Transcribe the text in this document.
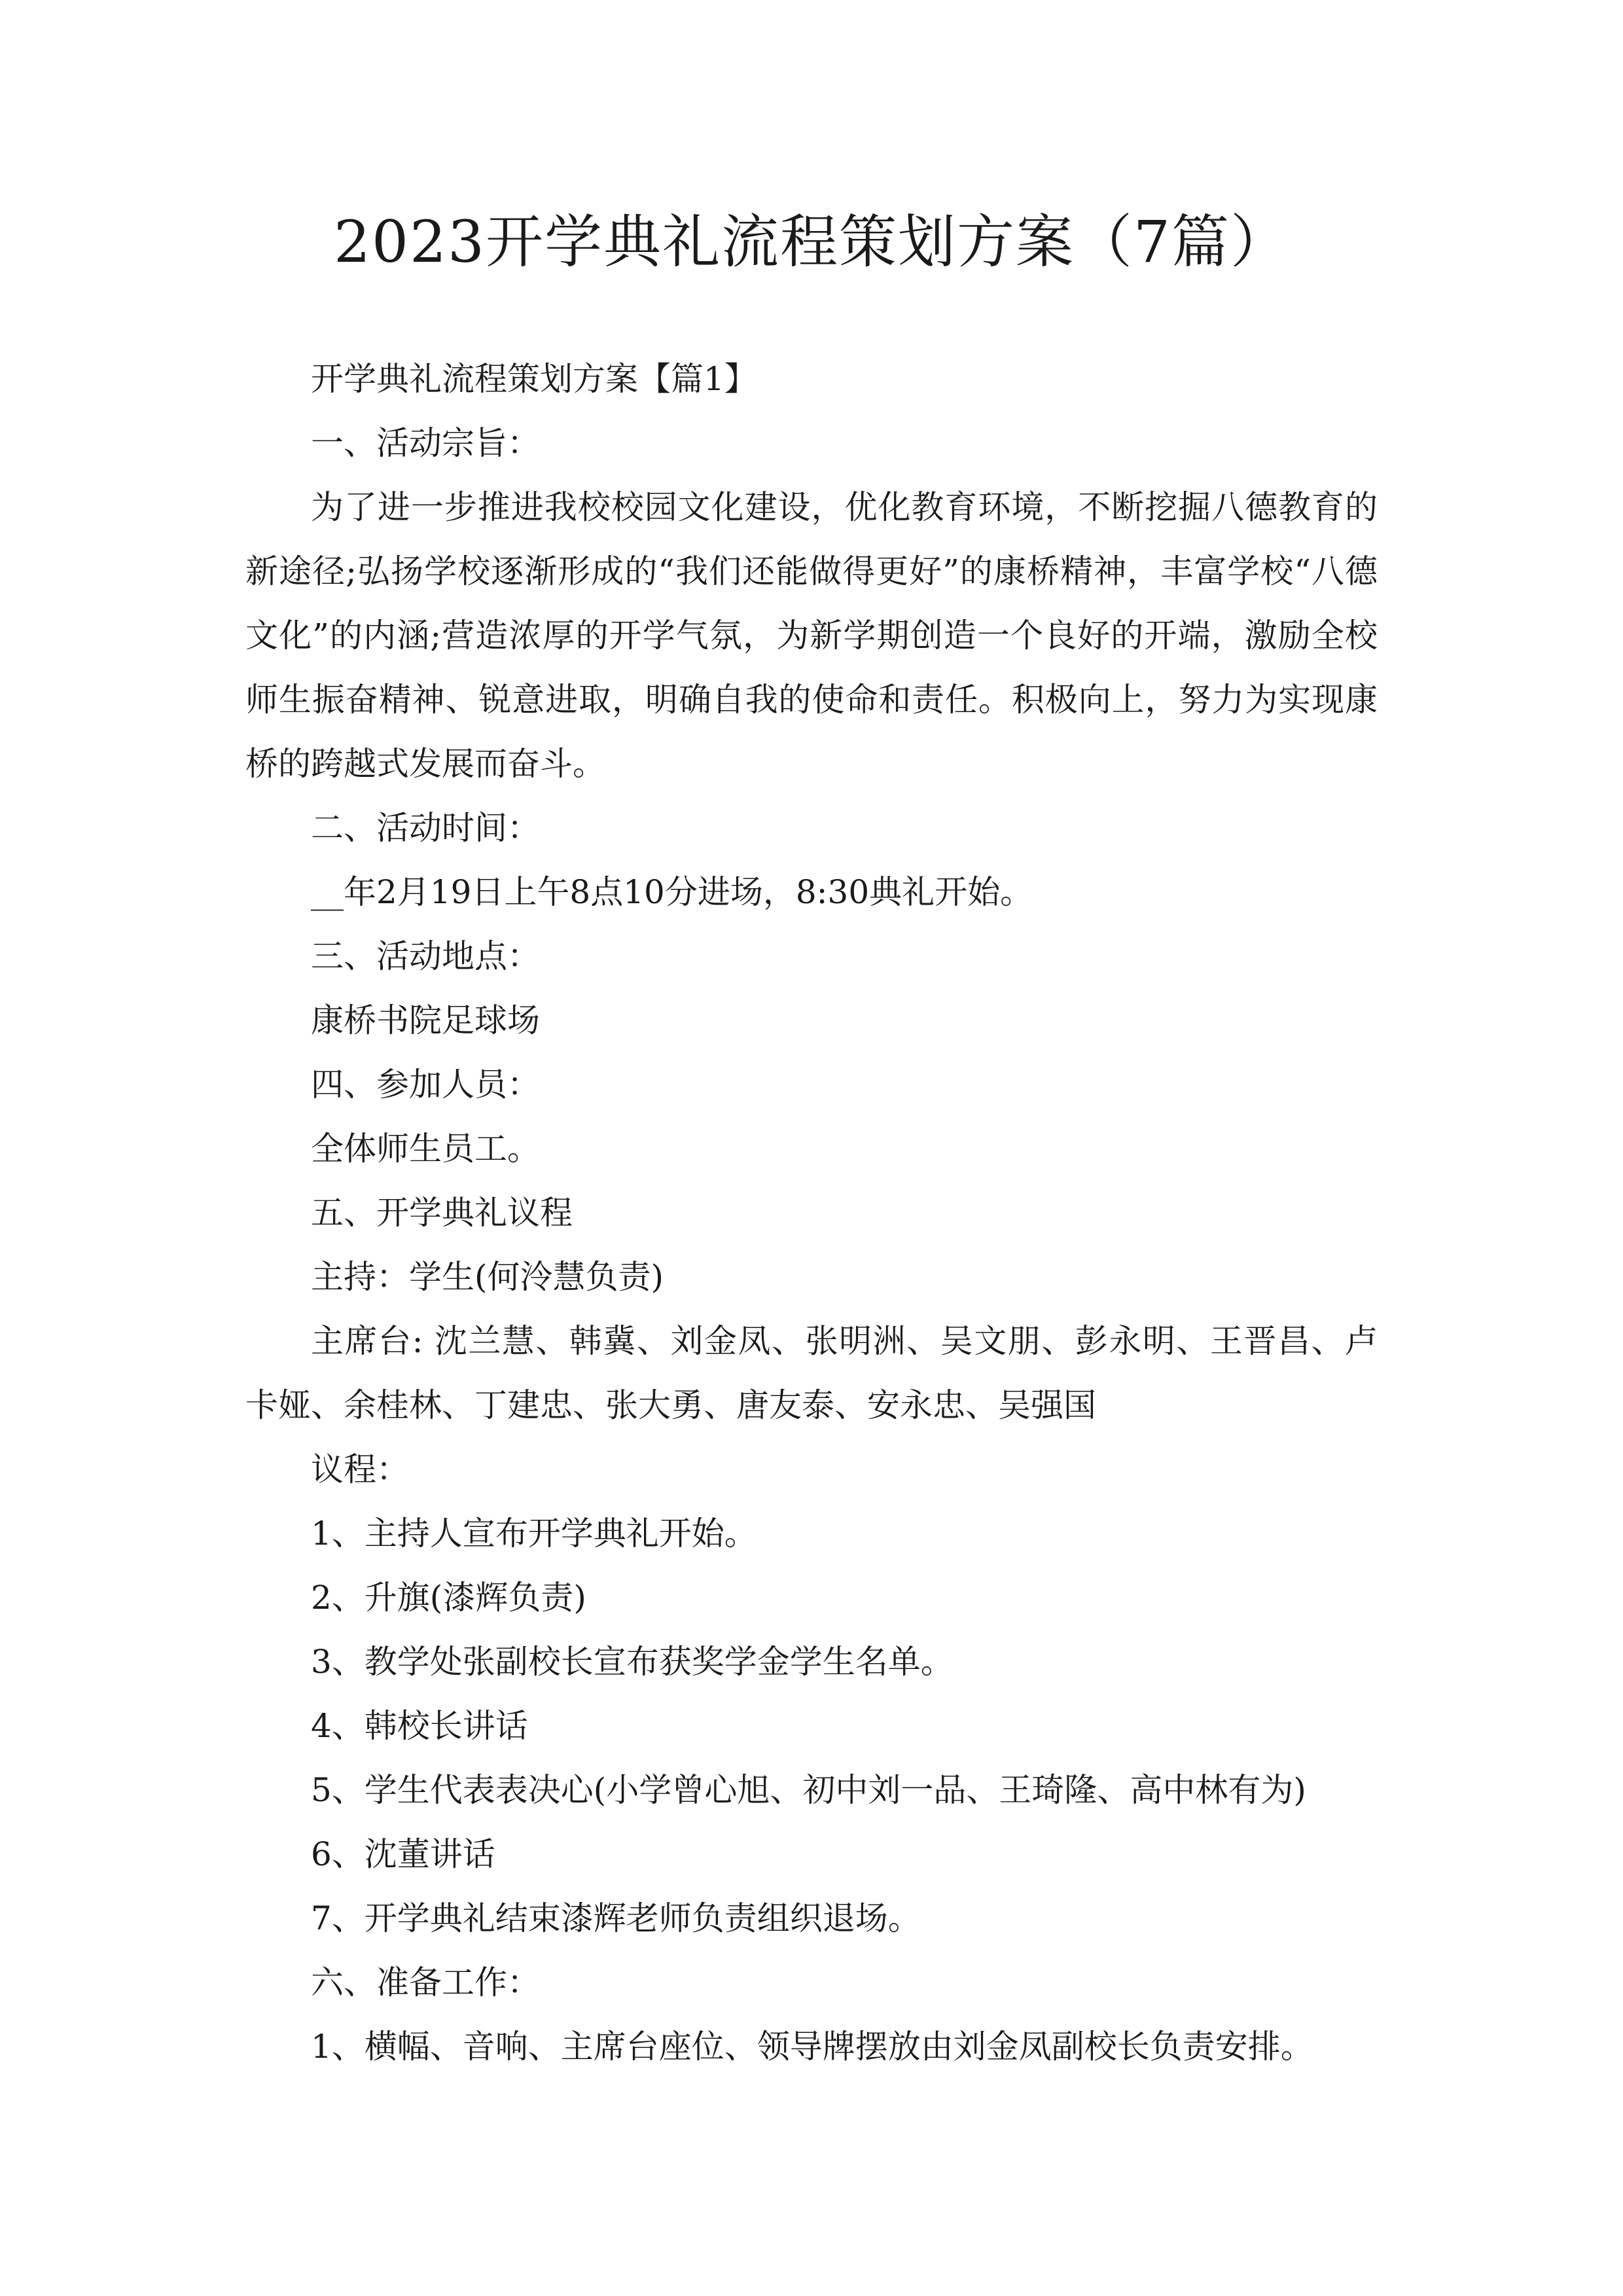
2023开学典礼流程策划方案（7篇）

开学典礼流程策划方案【篇1】

一、活动宗旨：

为了进一步推进我校校园文化建设，优化教育环境，不断挖掘八德教育的新途径;弘扬学校逐渐形成的“我们还能做得更好”的康桥精神，丰富学校“八德文化”的内涵;营造浓厚的开学气氛，为新学期创造一个良好的开端，激励全校师生振奋精神、锐意进取，明确自我的使命和责任。积极向上，努力为实现康桥的跨越式发展而奋斗。

二、活动时间：

__年2月19日上午8点10分进场，8:30典礼开始。

三、活动地点：

康桥书院足球场

四、参加人员：

全体师生员工。

五、开学典礼议程

主持：学生(何泠慧负责)

主席台: 沈兰慧、韩冀、刘金凤、张明洲、吴文朋、彭永明、王晋昌、卢卡娅、余桂林、丁建忠、张大勇、唐友泰、安永忠、吴强国

议程：

1、主持人宣布开学典礼开始。

2、升旗(漆辉负责)

3、教学处张副校长宣布获奖学金学生名单。

4、韩校长讲话

5、学生代表表决心(小学曾心旭、初中刘一品、王琦隆、高中林有为)

6、沈董讲话

7、开学典礼结束漆辉老师负责组织退场。

六、准备工作：

1、横幅、音响、主席台座位、领导牌摆放由刘金凤副校长负责安排。
